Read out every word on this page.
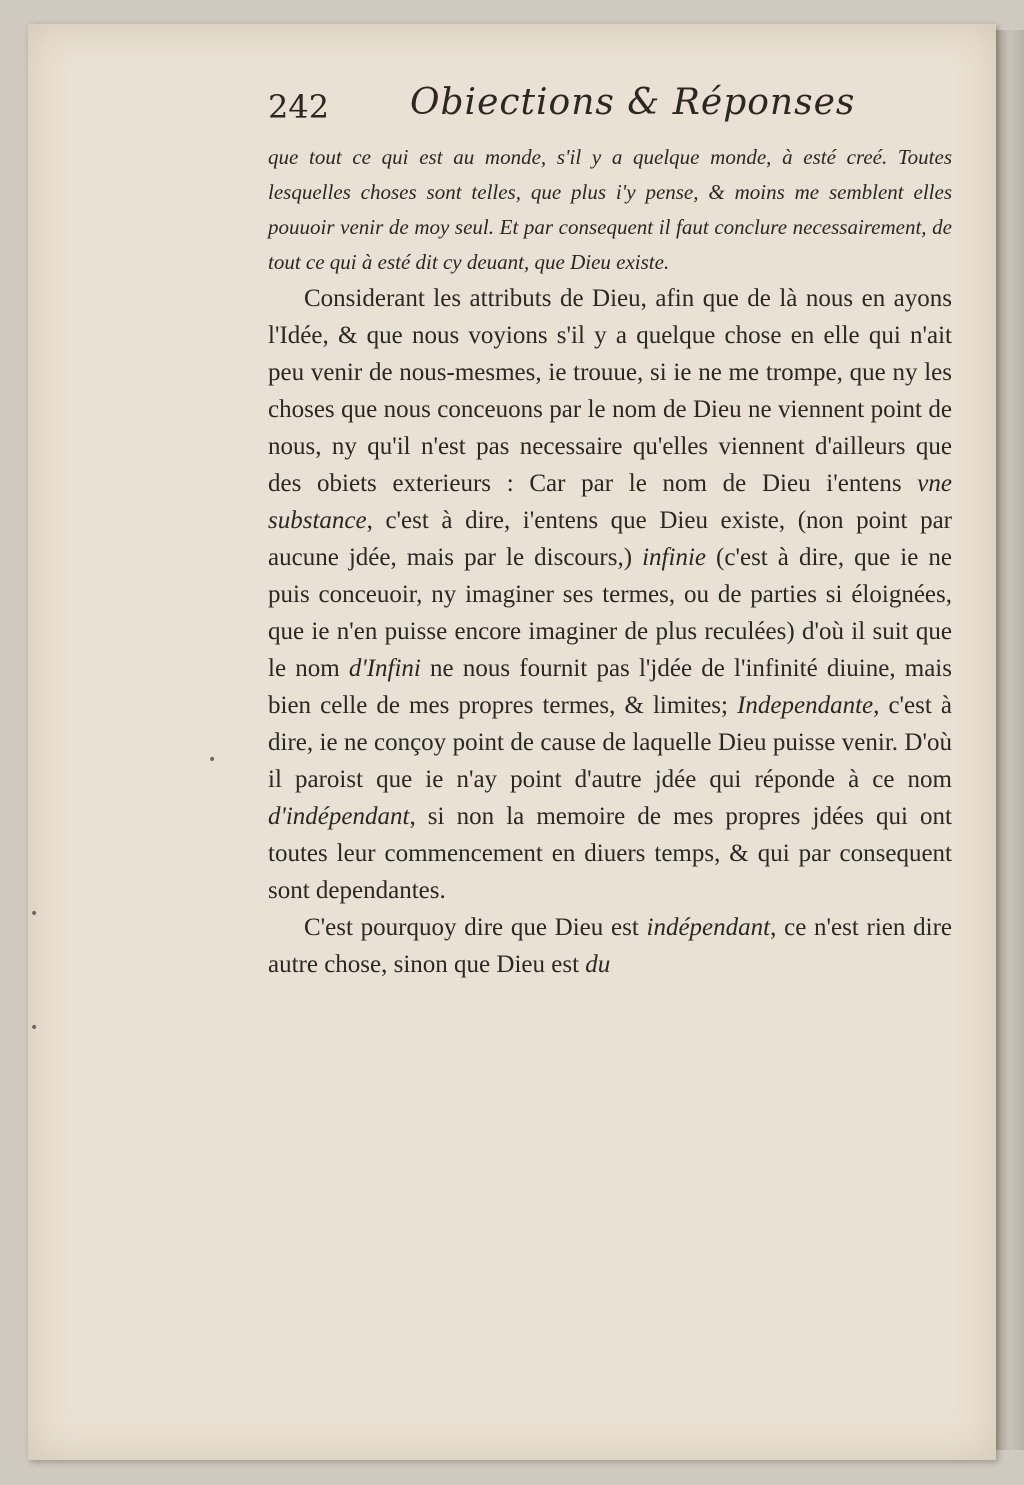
•
•
•
242 Obiections & Réponses

que tout ce qui est au monde, s'il y a quelque monde, à esté creé. Toutes lesquelles choses sont telles, que plus i'y pense, & moins me semblent elles pouuoir venir de moy seul. Et par consequent il faut conclure necessairement, de tout ce qui à esté dit cy deuant, que Dieu existe.

Considerant les attributs de Dieu, afin que de là nous en ayons l'Idée, & que nous voyions s'il y a quelque chose en elle qui n'ait peu venir de nous-mesmes, ie trouue, si ie ne me trompe, que ny les choses que nous conceuons par le nom de Dieu ne viennent point de nous, ny qu'il n'est pas necessaire qu'elles viennent d'ailleurs que des obiets exterieurs : Car par le nom de Dieu i'entens vne substance, c'est à dire, i'entens que Dieu existe, (non point par aucune jdée, mais par le discours,) infinie (c'est à dire, que ie ne puis conceuoir, ny imaginer ses termes, ou de parties si éloignées, que ie n'en puisse encore imaginer de plus reculées) d'où il suit que le nom d'Infini ne nous fournit pas l'jdée de l'infinité diuine, mais bien celle de mes propres termes, & limites; Independante, c'est à dire, ie ne conçoy point de cause de laquelle Dieu puisse venir. D'où il paroist que ie n'ay point d'autre jdée qui réponde à ce nom d'indépendant, si non la memoire de mes propres jdées qui ont toutes leur commencement en diuers temps, & qui par consequent sont dependantes.

C'est pourquoy dire que Dieu est indépendant, ce n'est rien dire autre chose, sinon que Dieu est du
